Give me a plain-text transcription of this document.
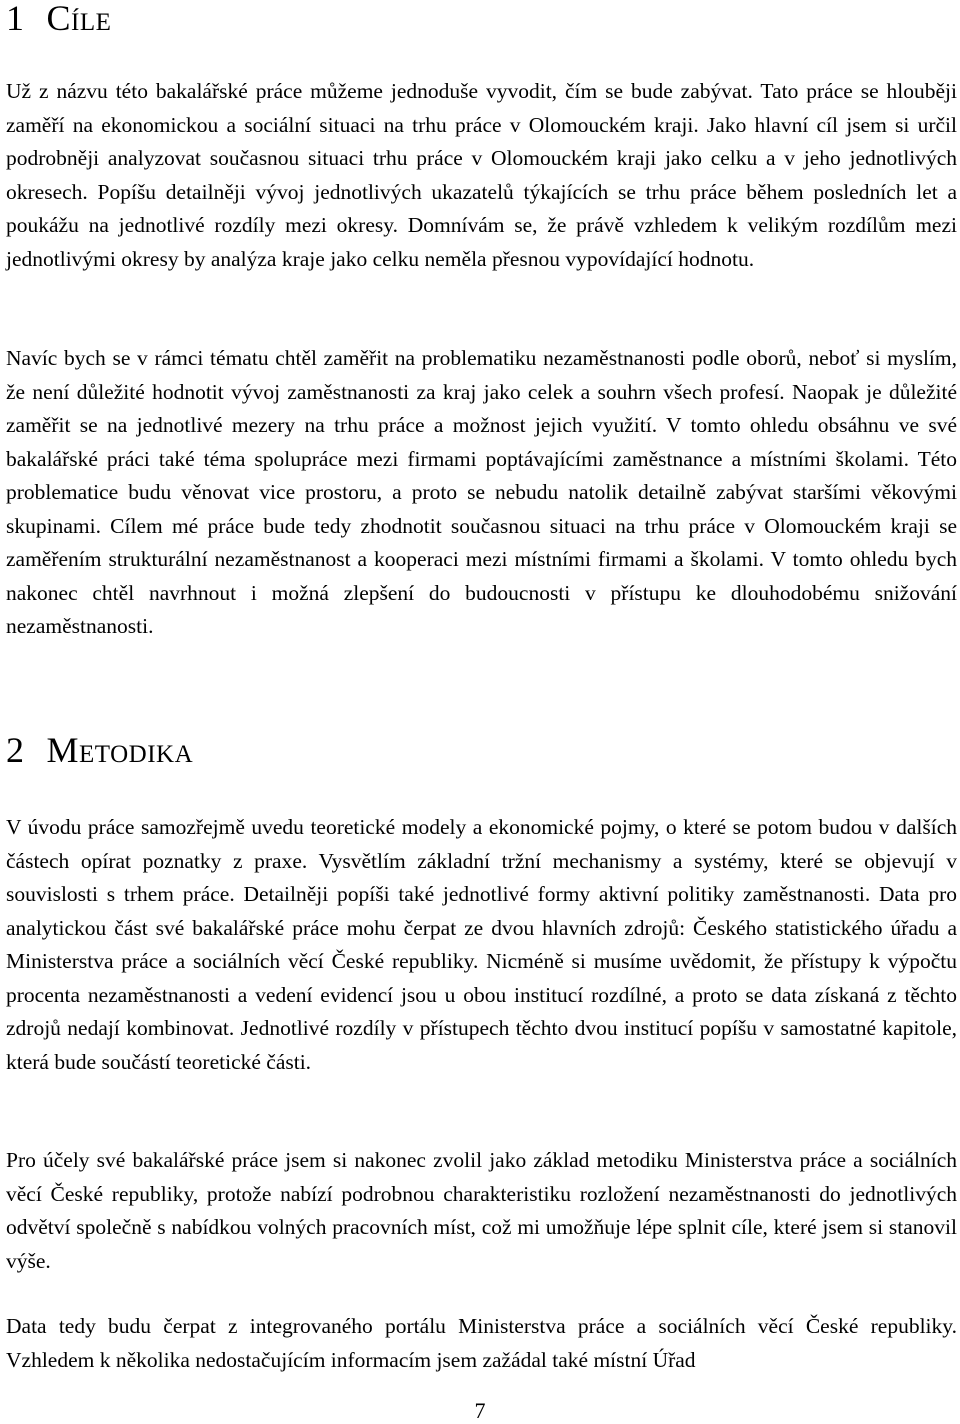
1 Cíle

Už z názvu této bakalářské práce můžeme jednoduše vyvodit, čím se bude zabývat. Tato práce se hlouběji zaměří na ekonomickou a sociální situaci na trhu práce v Olomouckém kraji. Jako hlavní cíl jsem si určil podrobněji analyzovat současnou situaci trhu práce v Olomouckém kraji jako celku a v jeho jednotlivých okresech. Popíšu detailněji vývoj jednotlivých ukazatelů týkajících se trhu práce během posledních let a poukážu na jednotlivé rozdíly mezi okresy. Domnívám se, že právě vzhledem k velikým rozdílům mezi jednotlivými okresy by analýza kraje jako celku neměla přesnou vypovídající hodnotu.

Navíc bych se v rámci tématu chtěl zaměřit na problematiku nezaměstnanosti podle oborů, neboť si myslím, že není důležité hodnotit vývoj zaměstnanosti za kraj jako celek a souhrn všech profesí. Naopak je důležité zaměřit se na jednotlivé mezery na trhu práce a možnost jejich využití. V tomto ohledu obsáhnu ve své bakalářské práci také téma spolupráce mezi firmami poptávajícími zaměstnance a místními školami. Této problematice budu věnovat vice prostoru, a proto se nebudu natolik detailně zabývat staršími věkovými skupinami. Cílem mé práce bude tedy zhodnotit současnou situaci na trhu práce v Olomouckém kraji se zaměřením strukturální nezaměstnanost a kooperaci mezi místními firmami a školami. V tomto ohledu bych nakonec chtěl navrhnout i možná zlepšení do budoucnosti v přístupu ke dlouhodobému snižování nezaměstnanosti.

2 Metodika

V úvodu práce samozřejmě uvedu teoretické modely a ekonomické pojmy, o které se potom budou v dalších částech opírat poznatky z praxe. Vysvětlím základní tržní mechanismy a systémy, které se objevují v souvislosti s trhem práce. Detailněji popíši také jednotlivé formy aktivní politiky zaměstnanosti. Data pro analytickou část své bakalářské práce mohu čerpat ze dvou hlavních zdrojů: Českého statistického úřadu a Ministerstva práce a sociálních věcí České republiky. Nicméně si musíme uvědomit, že přístupy k výpočtu procenta nezaměstnanosti a vedení evidencí jsou u obou institucí rozdílné, a proto se data získaná z těchto zdrojů nedají kombinovat. Jednotlivé rozdíly v přístupech těchto dvou institucí popíšu v samostatné kapitole, která bude součástí teoretické části.

Pro účely své bakalářské práce jsem si nakonec zvolil jako základ metodiku Ministerstva práce a sociálních věcí České republiky, protože nabízí podrobnou charakteristiku rozložení nezaměstnanosti do jednotlivých odvětví společně s nabídkou volných pracovních míst, což mi umožňuje lépe splnit cíle, které jsem si stanovil výše.

Data tedy budu čerpat z integrovaného portálu Ministerstva práce a sociálních věcí České republiky. Vzhledem k několika nedostačujícím informacím jsem zažádal také místní Úřad

7
